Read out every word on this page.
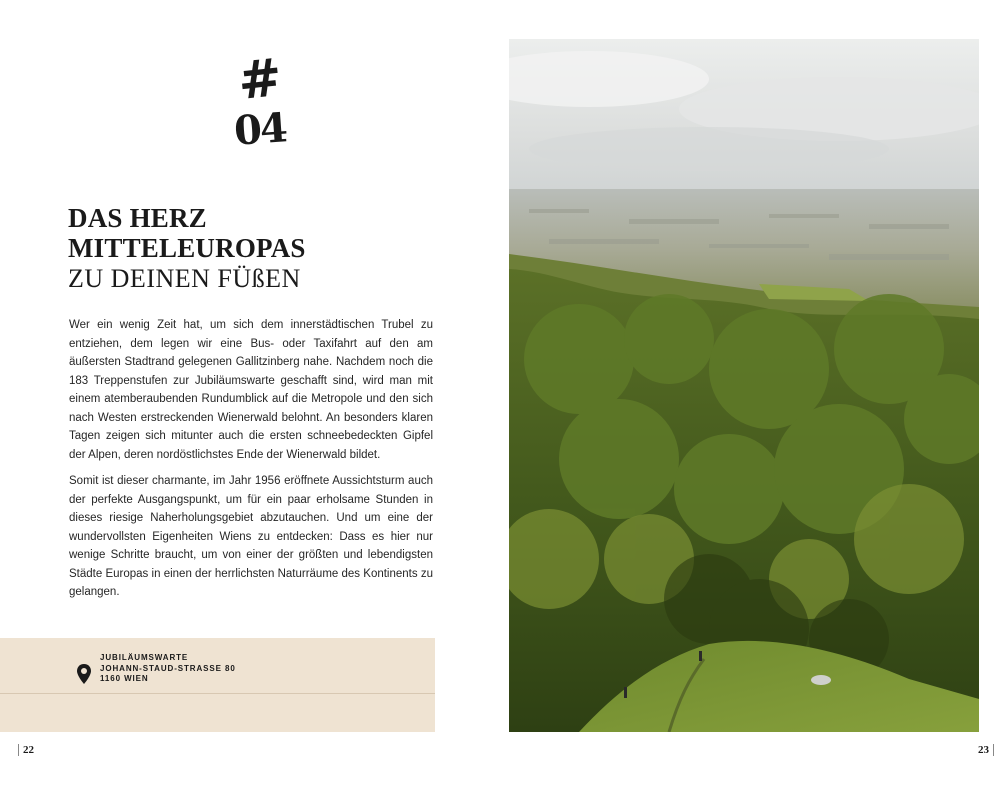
#
04
DAS HERZ
MITTELEUROPAS
ZU DEINEN FÜßEN

Wer ein wenig Zeit hat, um sich dem innerstädtischen Trubel zu entziehen, dem legen wir eine Bus- oder Taxifahrt auf den am äußersten Stadtrand gelegenen Gallitzinberg nahe. Nachdem noch die 183 Treppenstufen zur Jubiläumswarte geschafft sind, wird man mit einem atemberaubenden Rundumblick auf die Metropole und den sich nach Westen erstreckenden Wienerwald belohnt. An besonders klaren Tagen zeigen sich mitunter auch die ersten schneebedeckten Gipfel der Alpen, deren nordöstlichstes Ende der Wienerwald bildet.

Somit ist dieser charmante, im Jahr 1956 eröffnete Aussichtsturm auch der perfekte Ausgangspunkt, um für ein paar erholsame Stunden in dieses riesige Naherholungsgebiet abzutauchen. Und um eine der wundervollsten Eigenheiten Wiens zu entdecken: Dass es hier nur wenige Schritte braucht, um von einer der größten und lebendigsten Städte Europas in einen der herrlichsten Naturräume des Kontinents zu gelangen.

JUBILÄUMSWARTE
JOHANN-STAUD-STRASSE 80
1160 WIEN
22	23
